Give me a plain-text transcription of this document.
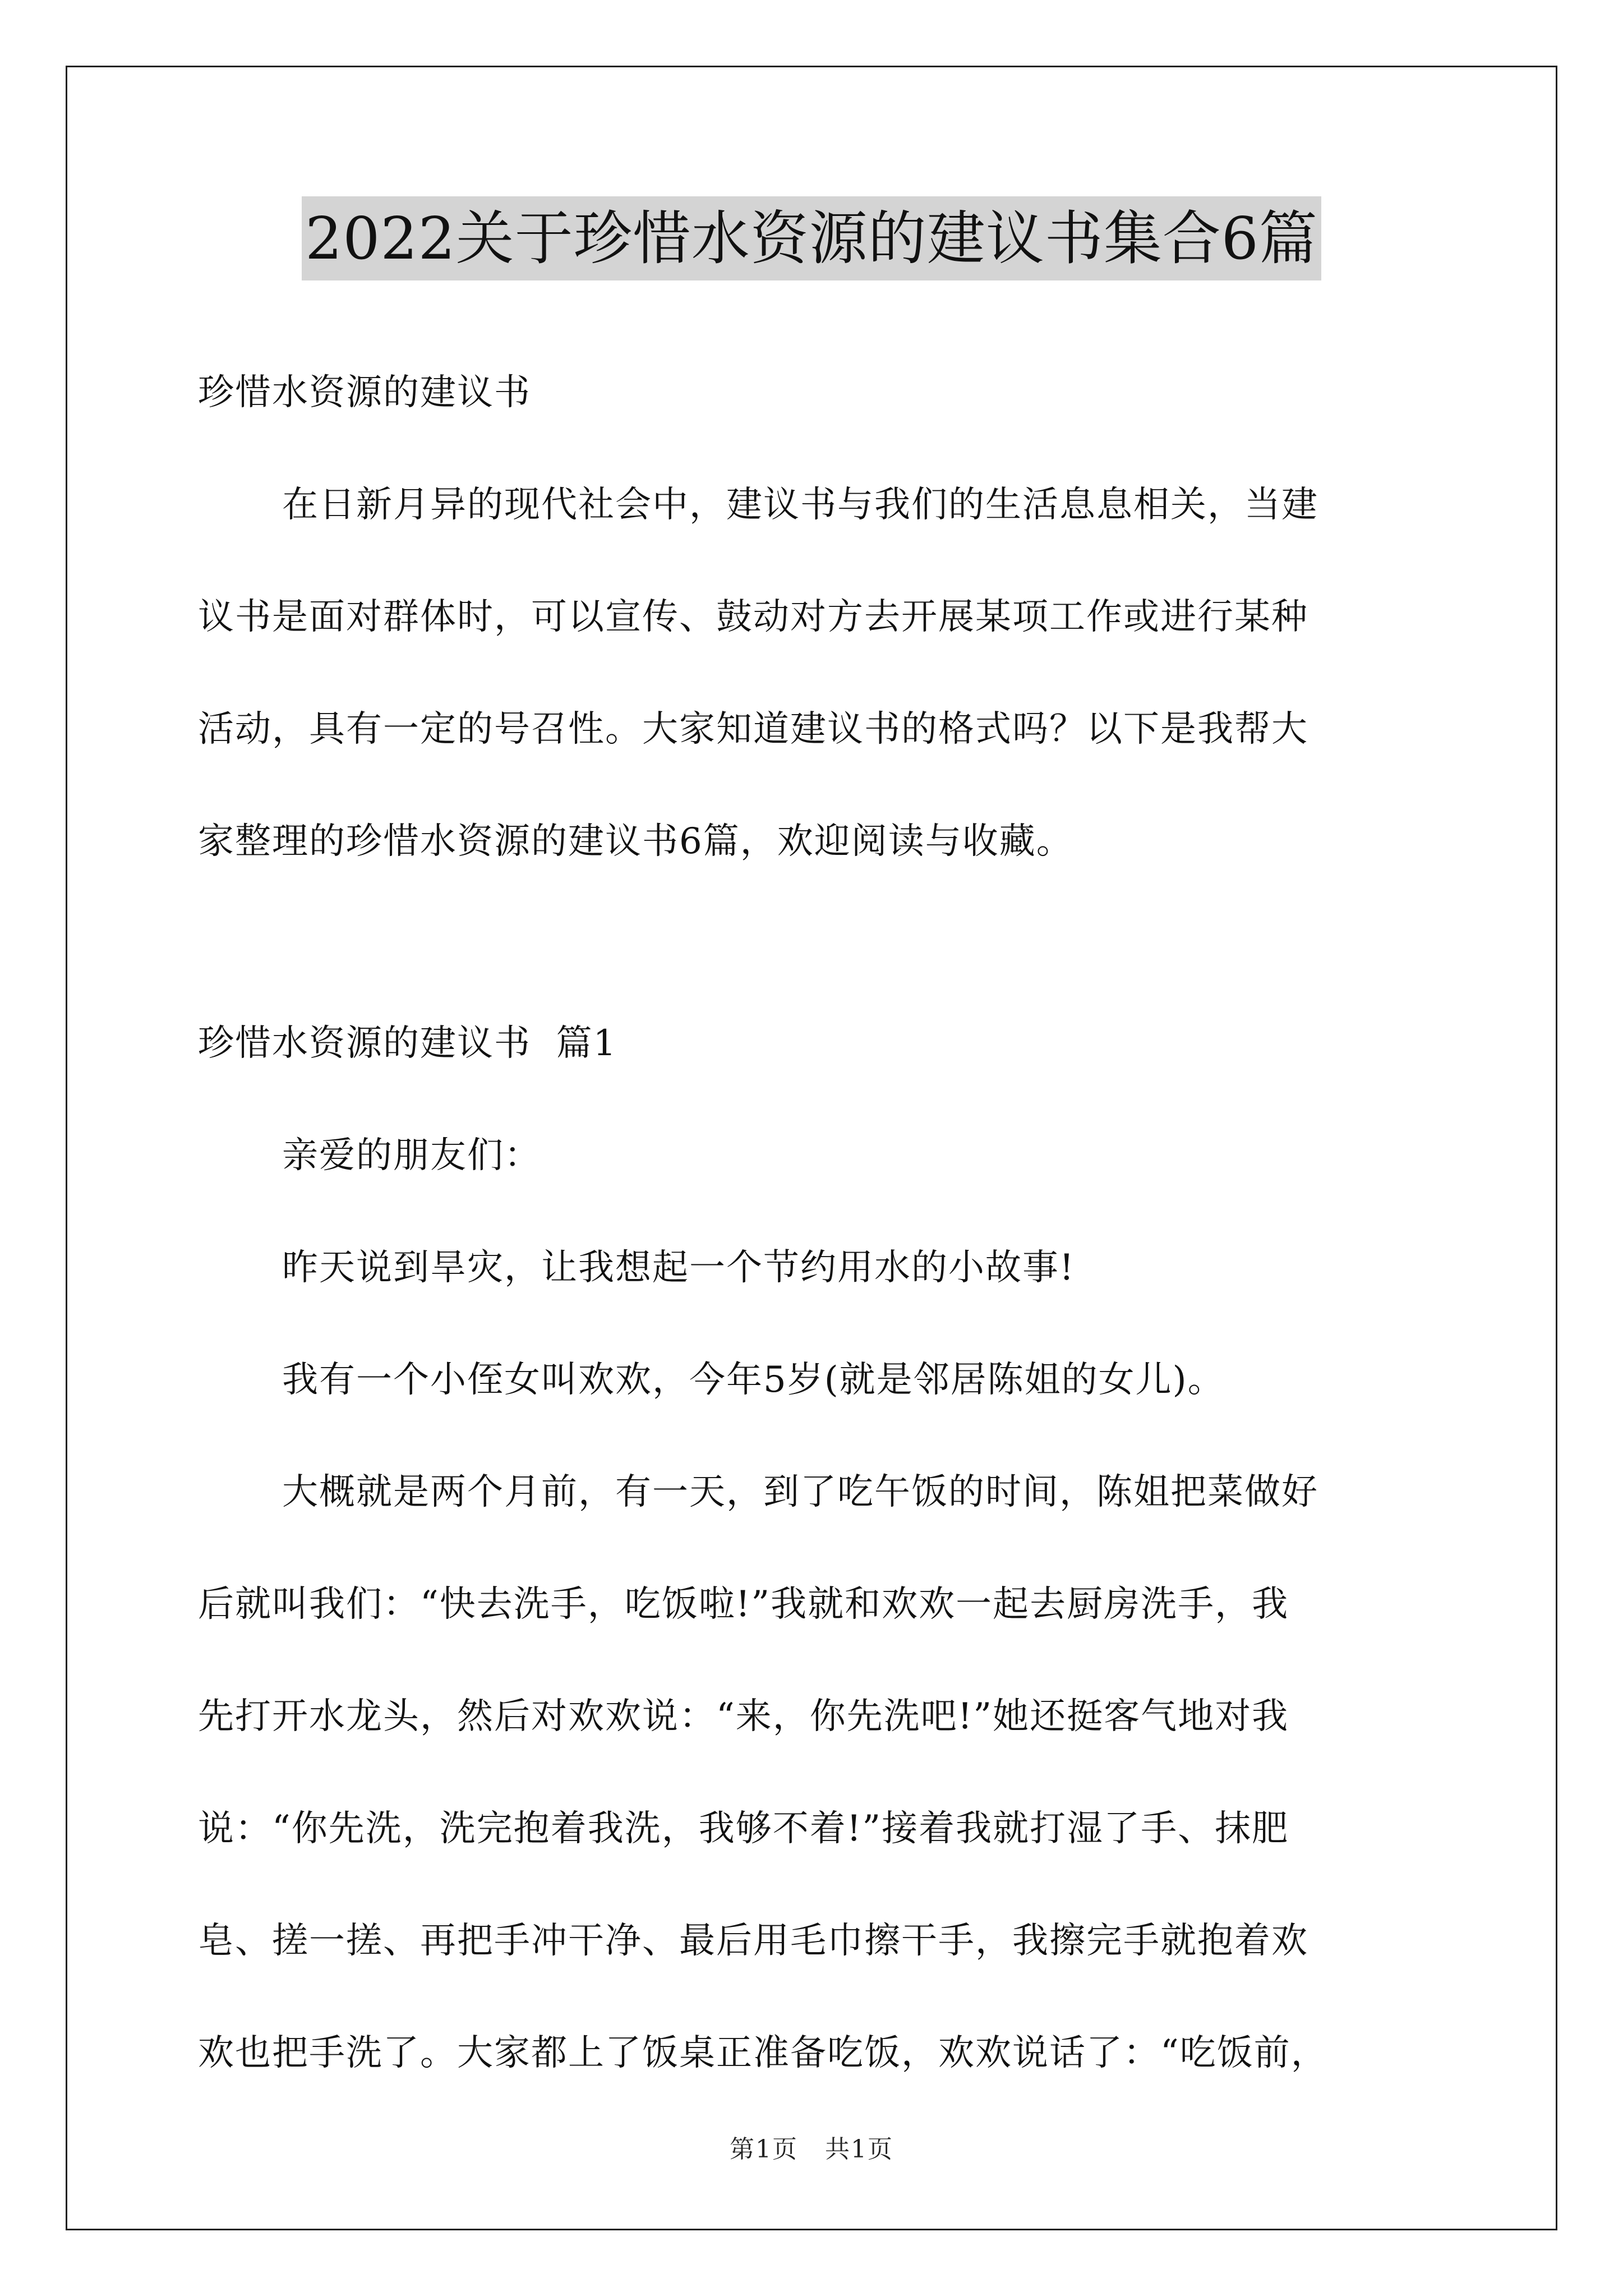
2022关于珍惜水资源的建议书集合6篇
珍惜水资源的建议书
在日新月异的现代社会中，建议书与我们的生活息息相关，当建
议书是面对群体时，可以宣传、鼓动对方去开展某项工作或进行某种
活动，具有一定的号召性。大家知道建议书的格式吗？以下是我帮大
家整理的珍惜水资源的建议书6篇，欢迎阅读与收藏。
珍惜水资源的建议书  篇1
亲爱的朋友们：
昨天说到旱灾，让我想起一个节约用水的小故事!
我有一个小侄女叫欢欢，今年5岁(就是邻居陈姐的女儿)。
大概就是两个月前，有一天，到了吃午饭的时间，陈姐把菜做好
后就叫我们：“快去洗手，吃饭啦!”我就和欢欢一起去厨房洗手，我
先打开水龙头，然后对欢欢说：“来，你先洗吧!”她还挺客气地对我
说：“你先洗，洗完抱着我洗，我够不着!”接着我就打湿了手、抹肥
皂、搓一搓、再把手冲干净、最后用毛巾擦干手，我擦完手就抱着欢
欢也把手洗了。大家都上了饭桌正准备吃饭，欢欢说话了：“吃饭前，
第1页   共1页
